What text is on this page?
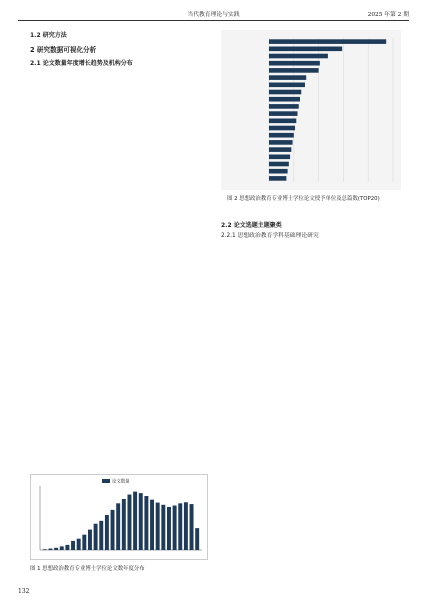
当代教育理论与实践	2025 年第 2 期

1.2 研究方法

2 研究数据可视化分析
2.1 论文数量年度增长趋势及机构分布

论文数量
图 1 思想政治教育专业博士学位论文数年度分布
图 2 思想政治教育专业博士学位论文授予单位及总篇数(TOP20)

2.2 论文选题主题聚类

2.2.1 思想政治教育学科基础理论研究

132
